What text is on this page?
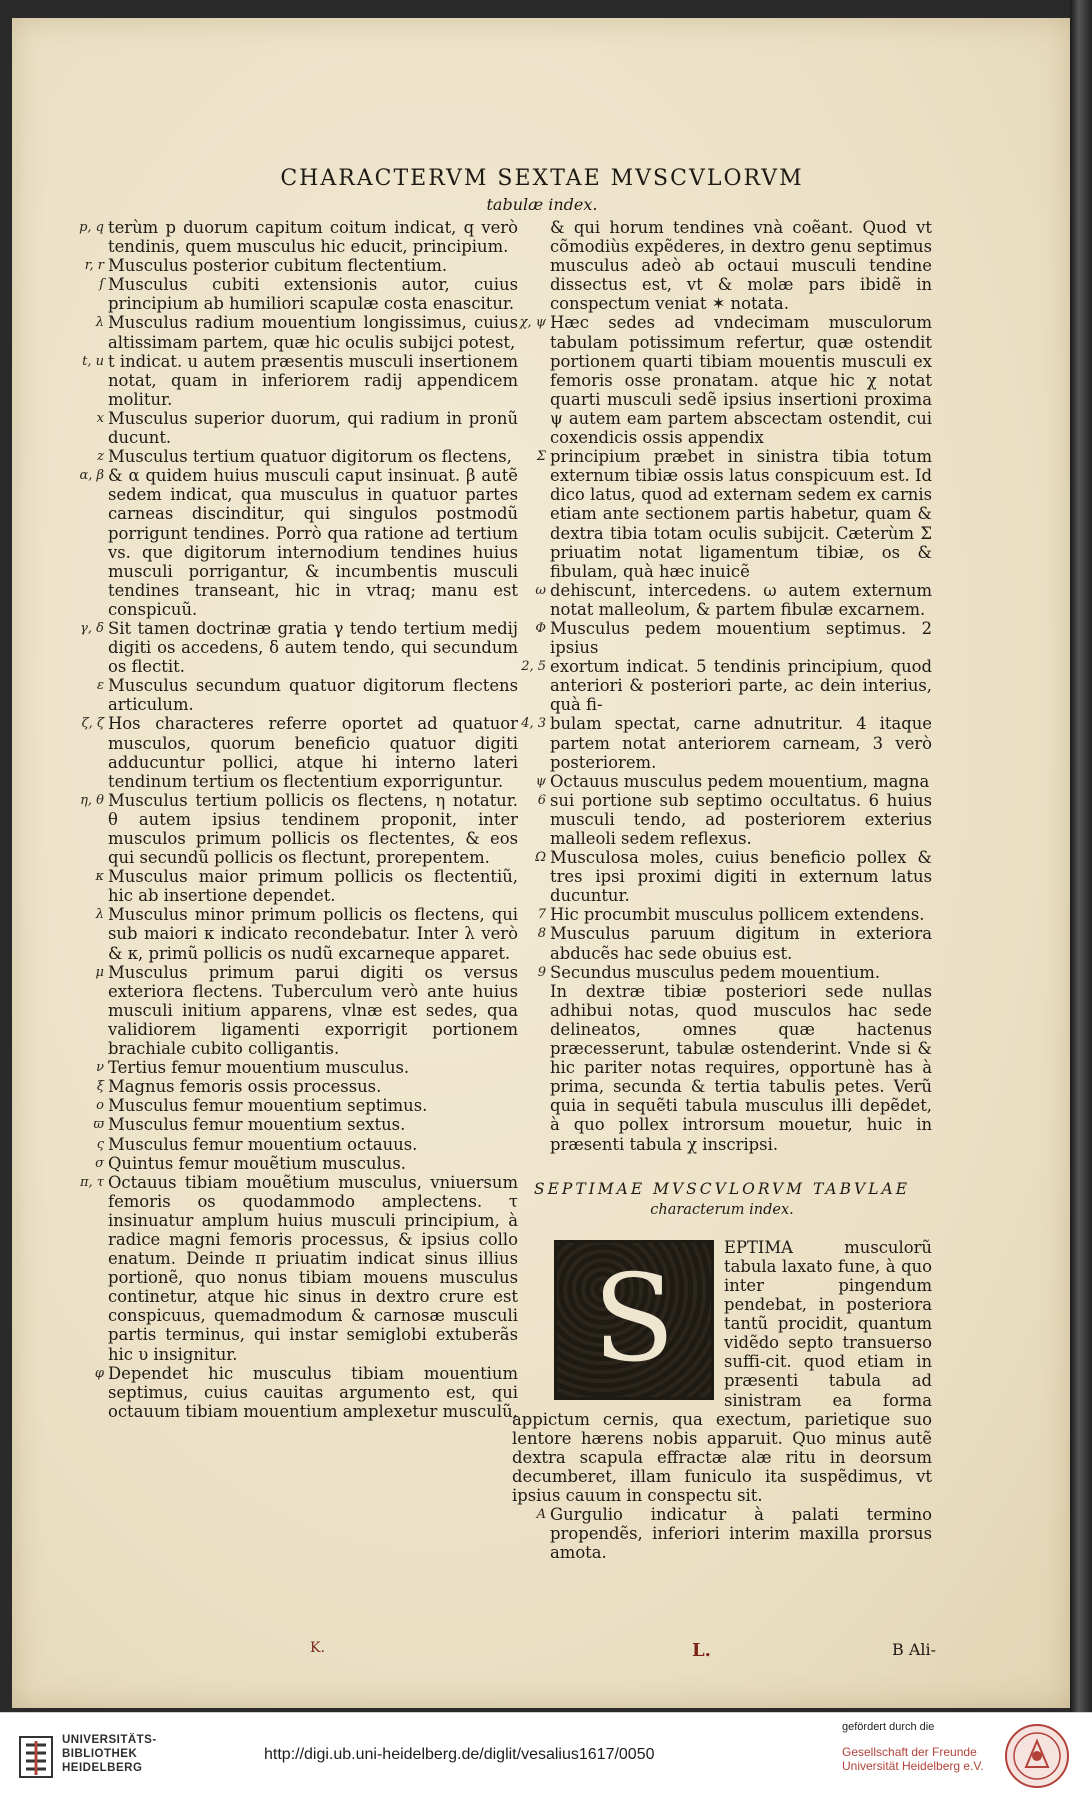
CHARACTERVM SEXTAE MVSCVLORVM
tabulæ index.

p, q terùm p duorum capitum coitum indicat, q verò tendinis, quem musculus hic educit, principium.

r, r Musculus posterior cubitum flectentium.

ſ Musculus cubiti extensionis autor, cuius principium ab humiliori scapulæ costa enascitur.

λ Musculus radium mouentium longissimus, cuius altissimam partem, quæ hic oculis subijci potest,

t, u t indicat. u autem præsentis musculi insertionem notat, quam in inferiorem radij appendicem molitur.

x Musculus superior duorum, qui radium in pronũ ducunt.

z Musculus tertium quatuor digitorum os flectens,

α, β & α quidem huius musculi caput insinuat. β autẽ sedem indicat, qua musculus in quatuor partes carneas discinditur, qui singulos postmodũ porrigunt tendines. Porrò qua ratione ad tertium vs. que digitorum internodium tendines huius musculi porrigantur, & incumbentis musculi tendines transeant, hic in vtraq; manu est conspicuũ.

γ, δ Sit tamen doctrinæ gratia γ tendo tertium medij digiti os accedens, δ autem tendo, qui secundum os flectit.

ε Musculus secundum quatuor digitorum flectens articulum.

ζ, ζ Hos characteres referre oportet ad quatuor musculos, quorum beneficio quatuor digiti adducuntur pollici, atque hi interno lateri tendinum tertium os flectentium exporriguntur.

η, θ Musculus tertium pollicis os flectens, η notatur. θ autem ipsius tendinem proponit, inter musculos primum pollicis os flectentes, & eos qui secundũ pollicis os flectunt, prorepentem.

κ Musculus maior primum pollicis os flectentiũ, hic ab insertione dependet.

λ Musculus minor primum pollicis os flectens, qui sub maiori κ indicato recondebatur. Inter λ verò & κ, primũ pollicis os nudũ excarneque apparet.

μ Musculus primum parui digiti os versus exteriora flectens. Tuberculum verò ante huius musculi initium apparens, vlnæ est sedes, qua validiorem ligamenti exporrigit portionem brachiale cubito colligantis.

ν Tertius femur mouentium musculus.

ξ Magnus femoris ossis processus.

ο Musculus femur mouentium septimus.

ϖ Musculus femur mouentium sextus.

ς Musculus femur mouentium octauus.

σ Quintus femur mouẽtium musculus.

π, τ Octauus tibiam mouẽtium musculus, vniuersum femoris os quodammodo amplectens. τ insinuatur amplum huius musculi principium, à radice magni femoris processus, & ipsius collo enatum. Deinde π priuatim indicat sinus illius portionẽ, quo nonus tibiam mouens musculus continetur, atque hic sinus in dextro crure est conspicuus, quemadmodum & carnosæ musculi partis terminus, qui instar semiglobi extuberãs hic υ insignitur.

φ Dependet hic musculus tibiam mouentium septimus, cuius cauitas argumento est, qui octauum tibiam mouentium amplexetur musculũ,

& qui horum tendines vnà coẽant. Quod vt cõmodiùs expẽderes, in dextro genu septimus musculus adeò ab octaui musculi tendine dissectus est, vt & molæ pars ibidẽ in conspectum veniat ✶ notata.

χ, ψ Hæc sedes ad vndecimam musculorum tabulam potissimum refertur, quæ ostendit portionem quarti tibiam mouentis musculi ex femoris osse pronatam. atque hic χ notat quarti musculi sedẽ ipsius insertioni proxima ψ autem eam partem abscectam ostendit, cui coxendicis ossis appendix

Σ principium præbet in sinistra tibia totum externum tibiæ ossis latus conspicuum est. Id dico latus, quod ad externam sedem ex carnis etiam ante sectionem partis habetur, quam & dextra tibia totam oculis subijcit. Cæterùm Σ priuatim notat ligamentum tibiæ, os & fibulam, quà hæc inuicẽ

ω dehiscunt, intercedens. ω autem externum notat malleolum, & partem fibulæ excarnem.

Φ Musculus pedem mouentium septimus. 2 ipsius

2, 5 exortum indicat. 5 tendinis principium, quod anteriori & posteriori parte, ac dein interius, quà fi-

4, 3 bulam spectat, carne adnutritur. 4 itaque partem notat anteriorem carneam, 3 verò posteriorem.

ψ Octauus musculus pedem mouentium, magna

6 sui portione sub septimo occultatus. 6 huius musculi tendo, ad posteriorem exterius malleoli sedem reflexus.

Ω Musculosa moles, cuius beneficio pollex & tres ipsi proximi digiti in externum latus ducuntur.

7 Hic procumbit musculus pollicem extendens.

8 Musculus paruum digitum in exteriora abducẽs hac sede obuius est.

9 Secundus musculus pedem mouentium.

In dextræ tibiæ posteriori sede nullas adhibui notas, quod musculos hac sede delineatos, omnes quæ hactenus præcesserunt, tabulæ ostenderint. Vnde si & hic pariter notas requires, opportunè has à prima, secunda & tertia tabulis petes. Verũ quia in sequẽti tabula musculus illi depẽdet, à quo pollex introrsum mouetur, huic in præsenti tabula χ inscripsi.

SEPTIMAE MVSCVLORVM TABVLAE
characterum index.
S
EPTIMA musculorũ tabula laxato fune, à quo inter pingendum pendebat, in posteriora tantũ procidit, quantum vidẽdo septo transuerso suffi-cit. quod etiam in præsenti tabula ad sinistram ea forma appictum cernis, qua exectum, parietique suo lentore hærens nobis apparuit. Quo minus autẽ dextra scapula effractæ alæ ritu in deorsum decumberet, illam funiculo ita suspẽdimus, vt ipsius cauum in conspectu sit.

A Gurgulio indicatur à palati termino propendẽs, inferiori interim maxilla prorsus amota.

K.	L.	B Ali-
UNIVERSITÄTS-
BIBLIOTHEK
HEIDELBERG
http://digi.ub.uni-heidelberg.de/diglit/vesalius1617/0050
gefördert durch die
Gesellschaft der Freunde
Universität Heidelberg e.V.
